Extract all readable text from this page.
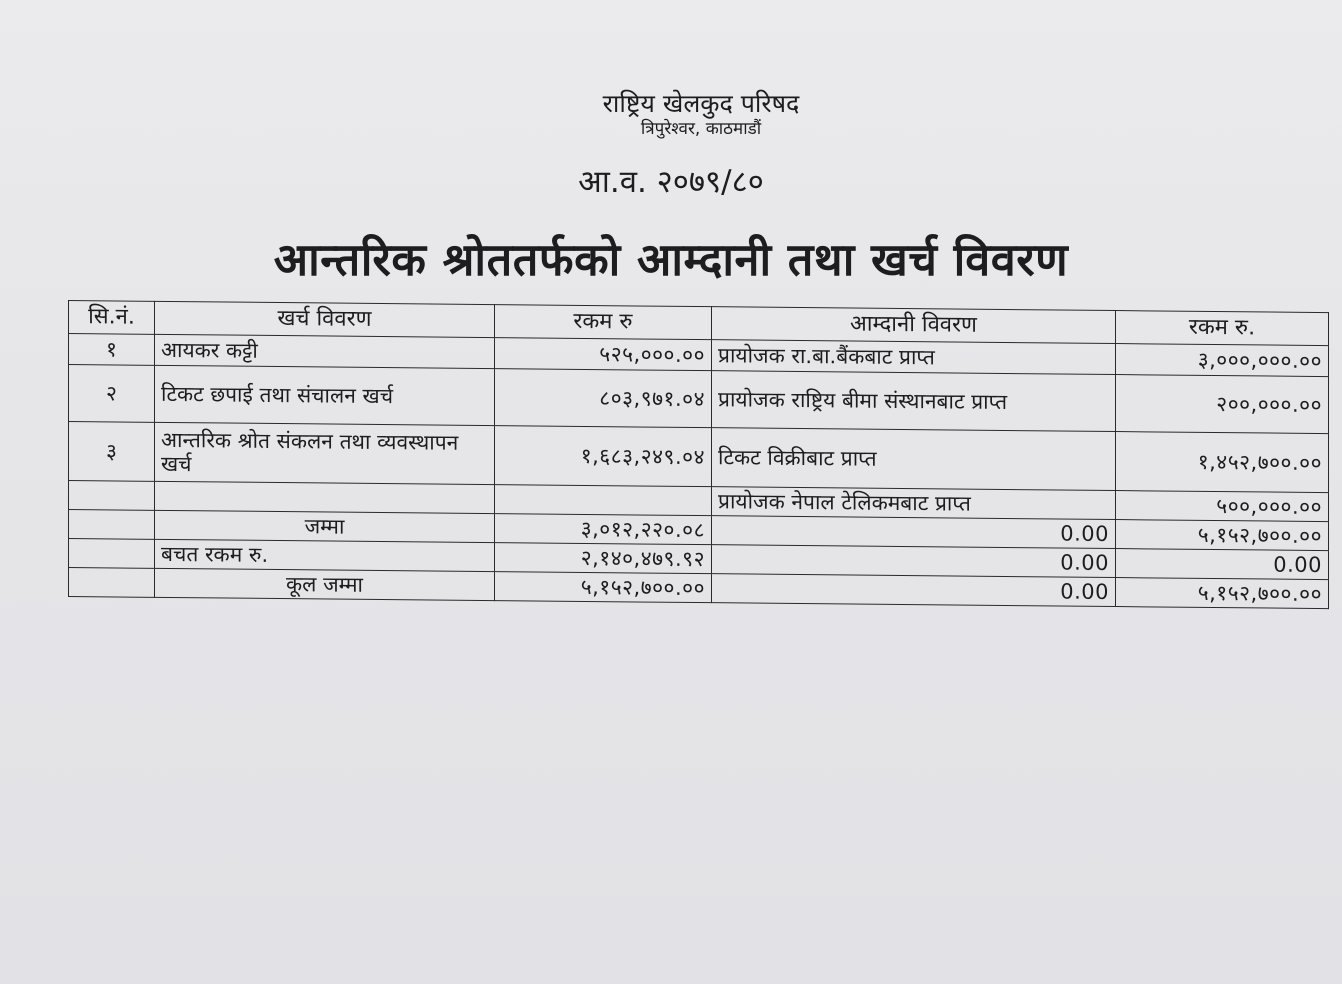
राष्ट्रिय खेलकुद परिषद
त्रिपुरेश्वर, काठमाडौं
आ.व. २०७९/८०
आन्तरिक श्रोततर्फको आम्दानी तथा खर्च विवरण
सि.नं.	खर्च विवरण	रकम रु	आम्दानी विवरण	रकम रु.
१	आयकर कट्टी	५२५,०००.००	प्रायोजक रा.बा.बैंकबाट प्राप्त	३,०००,०००.००
२	टिकट छपाई तथा संचालन खर्च	८०३,९७१.०४	प्रायोजक राष्ट्रिय बीमा संस्थानबाट प्राप्त	२००,०००.००
३	आन्तरिक श्रोत संकलन तथा व्यवस्थापन खर्च	१,६८३,२४९.०४	टिकट विक्रीबाट प्राप्त	१,४५२,७००.००
			प्रायोजक नेपाल टेलिकमबाट प्राप्त	५००,०००.००
	जम्मा	३,०१२,२२०.०८	0.00	५,१५२,७००.००
	बचत रकम रु.	२,१४०,४७९.९२	0.00	0.00
	कूल जम्मा	५,१५२,७००.००	0.00	५,१५२,७००.००
